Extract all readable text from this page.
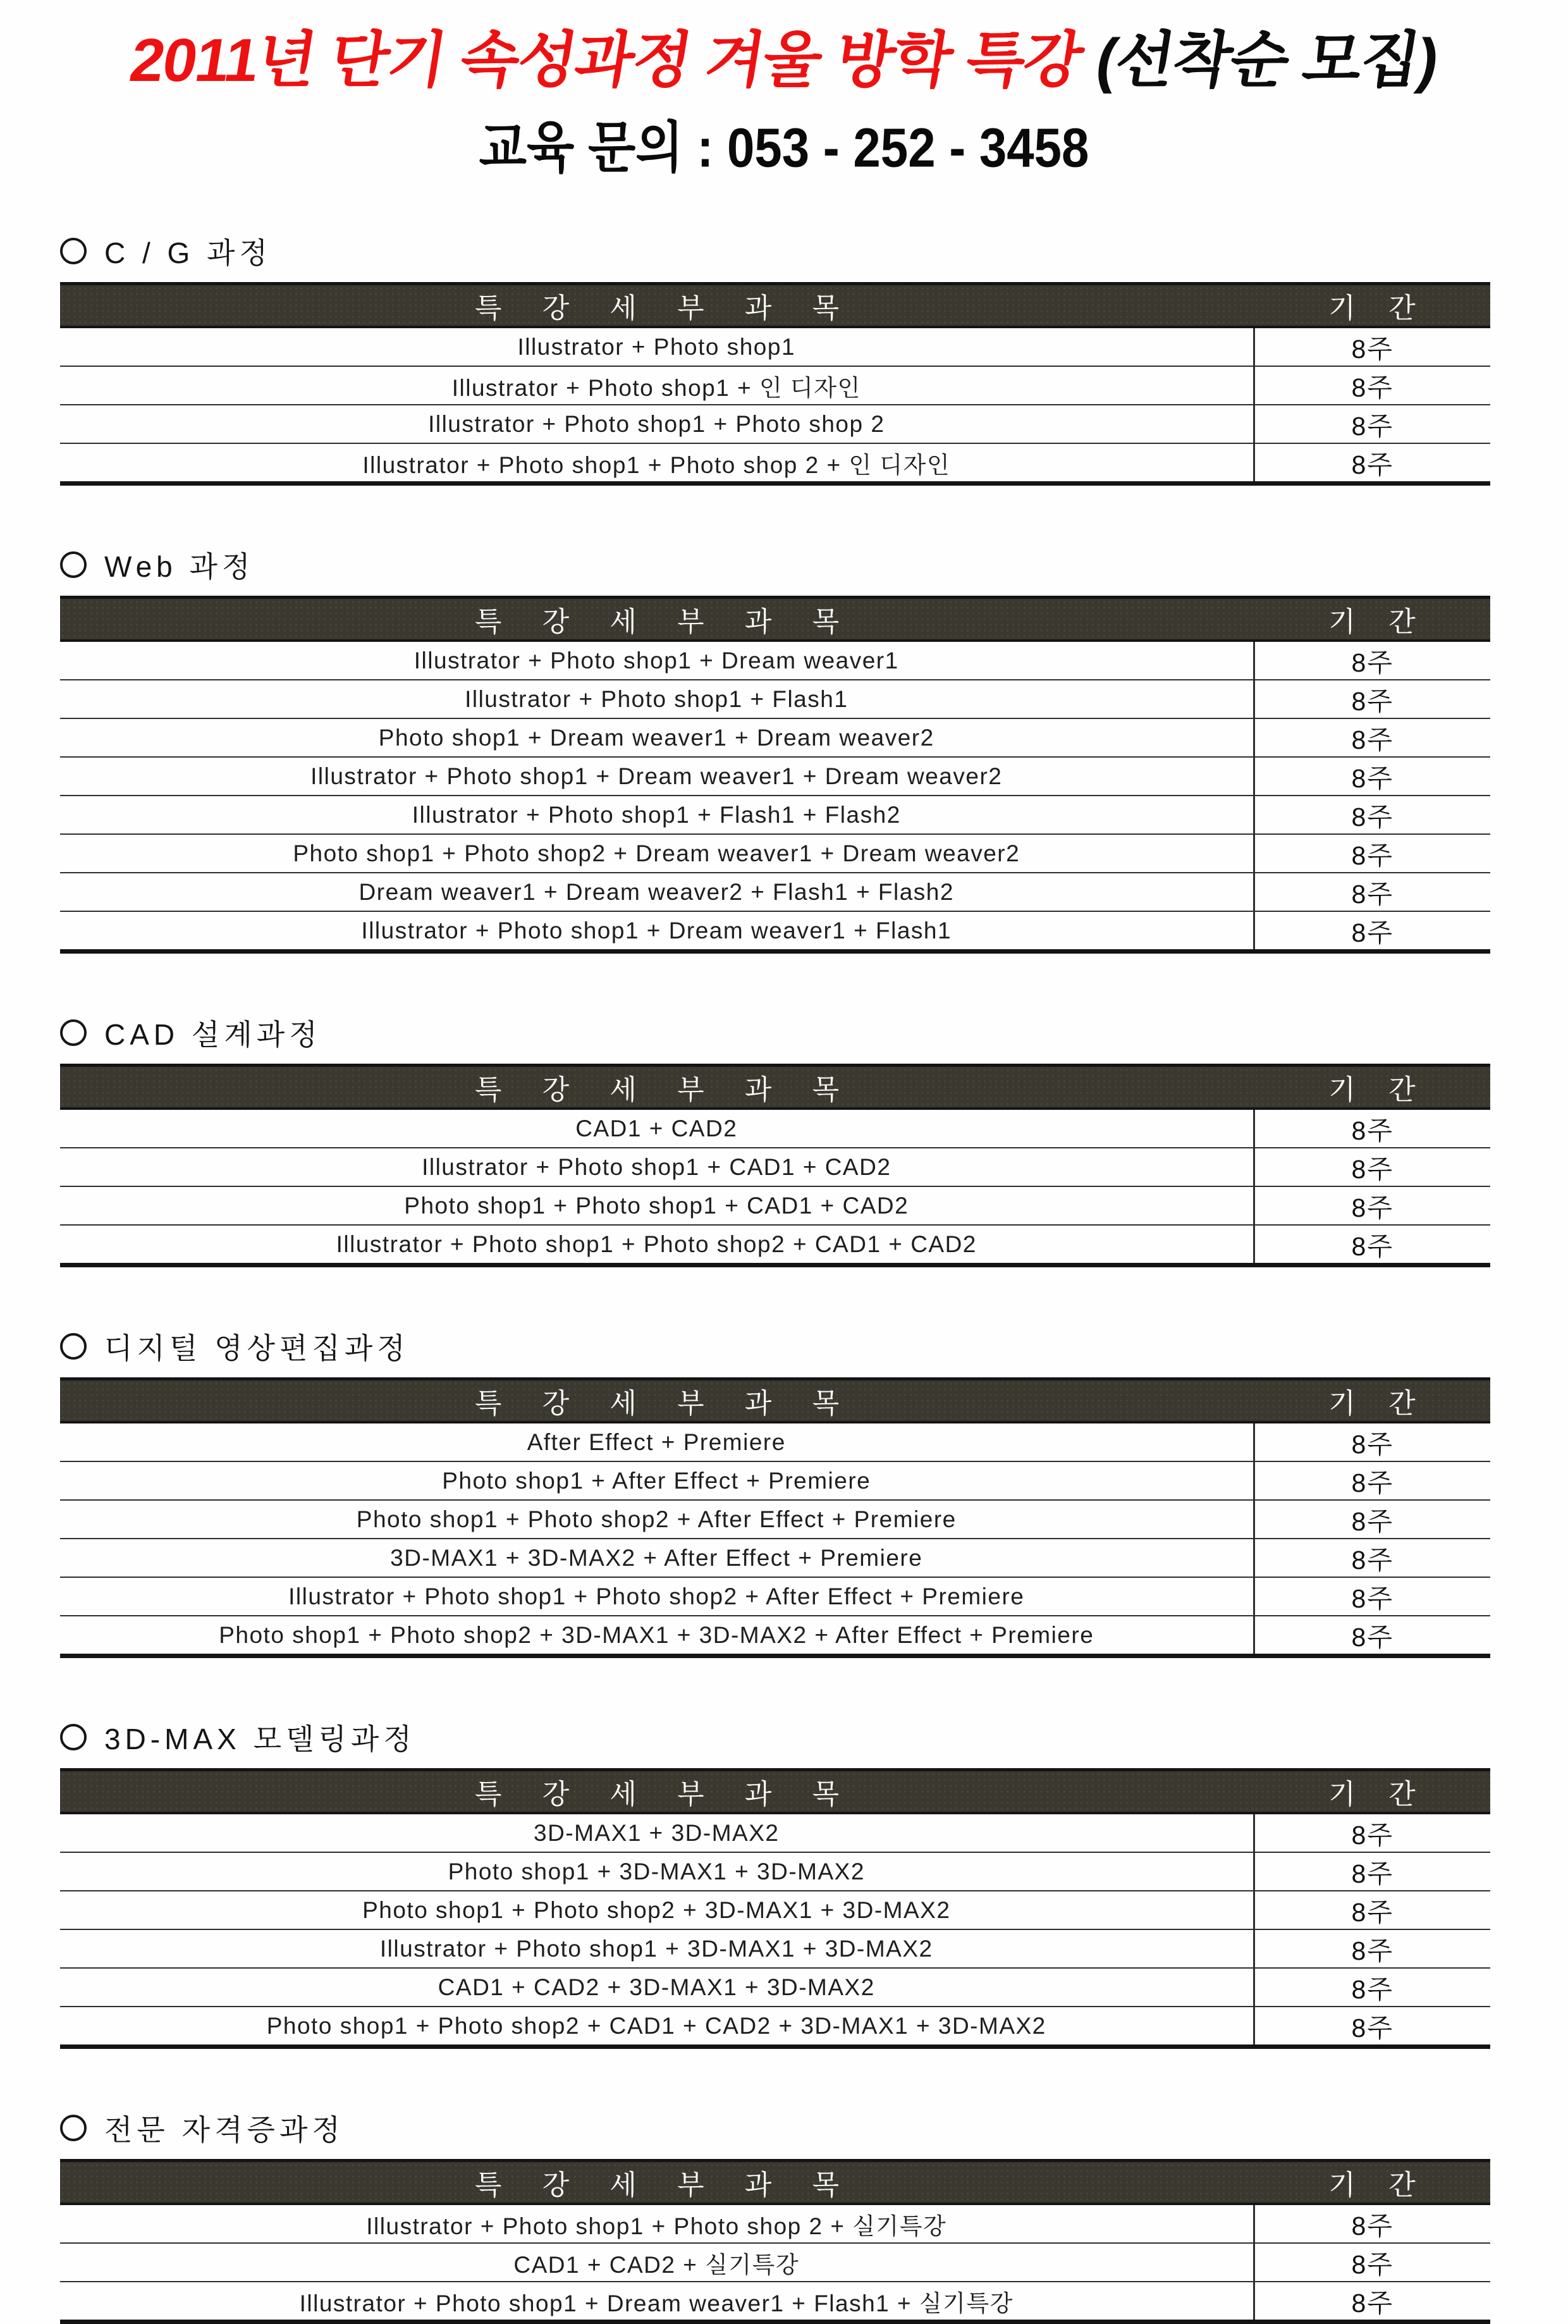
2011년 단기 속성과정 겨울 방학 특강 (선착순 모집)
교육 문의 : 053 - 252 - 3458
C / G 과정
특 강 세 부 과 목	기 간
Illustrator + Photo shop1	8주
Illustrator + Photo shop1 + 인 디자인	8주
Illustrator + Photo shop1 + Photo shop 2	8주
Illustrator + Photo shop1 + Photo shop 2 + 인 디자인	8주
Web 과정
특 강 세 부 과 목	기 간
Illustrator + Photo shop1 + Dream weaver1	8주
Illustrator + Photo shop1 + Flash1	8주
Photo shop1 + Dream weaver1 + Dream weaver2	8주
Illustrator + Photo shop1 + Dream weaver1 + Dream weaver2	8주
Illustrator + Photo shop1 + Flash1 + Flash2	8주
Photo shop1 + Photo shop2 + Dream weaver1 + Dream weaver2	8주
Dream weaver1 + Dream weaver2 + Flash1 + Flash2	8주
Illustrator + Photo shop1 + Dream weaver1 + Flash1	8주
CAD 설계과정
특 강 세 부 과 목	기 간
CAD1 + CAD2	8주
Illustrator + Photo shop1 + CAD1 + CAD2	8주
Photo shop1 + Photo shop1 + CAD1 + CAD2	8주
Illustrator + Photo shop1 + Photo shop2 + CAD1 + CAD2	8주
디지털 영상편집과정
특 강 세 부 과 목	기 간
After Effect + Premiere	8주
Photo shop1 + After Effect + Premiere	8주
Photo shop1 + Photo shop2 + After Effect + Premiere	8주
3D-MAX1 + 3D-MAX2 + After Effect + Premiere	8주
Illustrator + Photo shop1 + Photo shop2 + After Effect + Premiere	8주
Photo shop1 + Photo shop2 + 3D-MAX1 + 3D-MAX2 + After Effect + Premiere	8주
3D-MAX 모델링과정
특 강 세 부 과 목	기 간
3D-MAX1 + 3D-MAX2	8주
Photo shop1 + 3D-MAX1 + 3D-MAX2	8주
Photo shop1 + Photo shop2 + 3D-MAX1 + 3D-MAX2	8주
Illustrator + Photo shop1 + 3D-MAX1 + 3D-MAX2	8주
CAD1 + CAD2 + 3D-MAX1 + 3D-MAX2	8주
Photo shop1 + Photo shop2 + CAD1 + CAD2 + 3D-MAX1 + 3D-MAX2	8주
전문 자격증과정
특 강 세 부 과 목	기 간
Illustrator + Photo shop1 + Photo shop 2 + 실기특강	8주
CAD1 + CAD2 + 실기특강	8주
Illustrator + Photo shop1 + Dream weaver1 + Flash1 + 실기특강	8주
